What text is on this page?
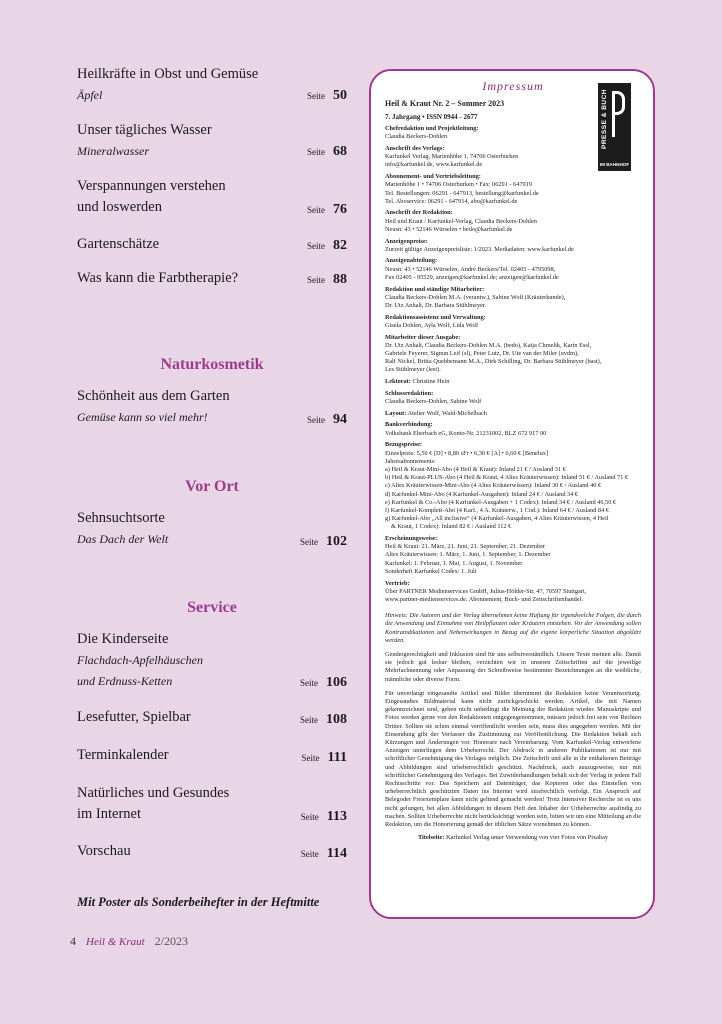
Heilkräfte in Obst und Gemüse
Äpfel	Seite 50
Unser tägliches Wasser
Mineralwasser	Seite 68
Verspannungen verstehen
und loswerden	Seite 76
Gartenschätze	Seite 82
Was kann die Farbtherapie?	Seite 88
Naturkosmetik
Schönheit aus dem Garten
Gemüse kann so viel mehr!	Seite 94
Vor Ort
Sehnsuchtsorte
Das Dach der Welt	Seite 102
Service
Die Kinderseite
Flachdach-Apfelhäuschen
und Erdnuss-Ketten	Seite 106
Lesefutter, Spielbar	Seite 108
Terminkalender	Seite 111
Natürliches und Gesundes
im Internet	Seite 113
Vorschau	Seite 114
Mit Poster als Sonderbeihefter in der Heftmitte
4 Heil & Kraut 2/2023
Impressum
PRESSE & BUCH
IM BAHNHOF
Heil & Kraut Nr. 2 – Sommer 2023
7. Jahrgang • ISSN 0944 - 2677
Chefredaktion und Projektleitung:
Claudia Beckers-Dohlen
Anschrift des Verlags:
Karfunkel Verlag, Marienhöhe 1, 74706 Osterburken
info@karfunkel.de, www.karfunkel.de
Abonnement- und Vertriebsleitung:
Marienhöhe 1 • 74706 Osterburken • Fax: 06291 - 647919
Tel. Bestellungen: 06291 - 647913, bestellung@karfunkel.de
Tel. Aboservice: 06291 - 647914, abo@karfunkel.de
Anschrift der Redaktion:
Heil und Kraut / Karfunkel-Verlag, Claudia Beckers-Dohlen
Neusn: 43 • 52146 Würselen • bedo@karfunkel.de
Anzeigenpreise:
Zurzeit gültige Anzeigenpreisliste: 1/2023. Mediadaten: www.karfunkel.de
Anzeigenabteilung:
Neusn: 43 • 52146 Würselen, André Beckers/Tel. 02405 - 4795098,
Fax 02405 - 95529, anzeigen@karfunkel.de; anzeigen@karfunkel.de
Redaktion und ständige Mitarbeiter:
Claudia Beckers-Dohlen M.A. (verantw.), Sabine Wolf (Kräuterkunde),
Dr. Utz Anhalt, Dr. Barbara Stühlmeyer.
Redaktionsassistenz und Verwaltung:
Gisela Dohlen, Ayla Wolf, Lida Wolf
Mitarbeiter dieser Ausgabe:
Dr. Utz Anhalt, Claudia Beckers-Dohlen M.A. (bedo), Katja Chmelik, Karin Essl,
Gabriele Feyerer, Signun Leif (sl), Peter Lutz, Dr. Ute van der Miler (uvdm),
Ralf Nickel, Britta Quebbemann M.A., Dirk Schilling, Dr. Barbara Stühlmeyer (bast),
Les Stühlmeyer (lest).
Lektorat: Christine Hein
Schlussredaktion:
Claudia Beckers-Dohlen, Sabine Wolf
Layout: Atelier Wolf, Wald-Michelbach
Bankverbindung:
Volksbank Eberbach eG, Konto-Nr. 21231002, BLZ 672 917 00
Bezugspreise:
Einzelpreis: 5,50 € [D] • 8,80 sFr • 6,30 € [A] • 6,60 € [Benelux]
Jahresabonnements:
a) Heil & Kraut-Mini-Abo (4 Heil & Kraut): Inland 21 € / Ausland 31 €
b) Heil & Kraut-PLUS-Abo (4 Heil & Kraut, 4 Altes Kräuterwissen): Inland 51 € / Ausland 71 €
c) Altes Kräuterwissen-Mini-Abo (4 Altes Kräuterwissen): Inland 30 € / Ausland 40 €
d) Karfunkel-Mini-Abo (4 Karfunkel-Ausgaben): Inland 24 € / Ausland 34 €
e) Karfunkel & Co.-Abo (4 Karfunkel-Ausgaben + 1 Codex): Inland 34 € / Ausland 46,50 €
f) Karfunkel-Komplett-Abo (4 Karf., 4 A. Kräuterw., 1 Cod.): Inland 64 € / Ausland 84 €
g) Karfunkel-Abo „All inclusive“ (4 Karfunkel-Ausgaben, 4 Altes Kräuterwissen, 4 Heil
& Kraut, 1 Codex): Inland 82 € / Ausland 112 €
Erscheinungsweise:
Heil & Kraut: 21. März, 21. Juni, 21. September, 21. Dezember
Altes Kräuterwissen: 1. März, 1. Juni, 1. September, 1. Dezember
Karfunkel: 1. Februar, 1. Mai, 1. August, 1. November
Sonderheft Karfunkel Codex: 1. Juli
Vertrieb:
Über PARTNER Medienservices GmbH, Julius-Hölder-Str. 47, 70597 Stuttgart,
www.partner-medienservices.de. Abonnement, Buch- und Zeitschriftenhandel.
Hinweis: Die Autoren und der Verlag übernehmen keine Haftung für irgendwelche Folgen, die durch die Anwendung und Einnahme von Heilpflanzen oder Kräutern entstehen. Vor der Anwendung sollen Kontraindikationen und Nebenwirkungen in Bezug auf die eigene körperliche Situation abgeklärt werden.
Gendergerechtigkeit und Inklusion sind für uns selbstverständlich. Unsere Texte meinen alle. Damit sie jedoch gut lesbar bleiben, verzichten wir in unseren Zeitschriften auf die jeweilige Mehrfachnennung oder Anpassung der Schreibweise bestimmter Bezeichnungen an die weibliche, männliche oder diverse Form.
Für unverlangt eingesandte Artikel und Bilder übernimmt die Redaktion keine Verantwortung. Eingesandtes Bildmaterial kann nicht zurückgeschickt werden. Artikel, die mit Namen gekennzeichnet sind, geben nicht unbedingt die Meinung der Redaktion wieder. Manuskripte und Fotos werden gerne von den Redaktionen entgegengenommen, müssen jedoch frei sein von Rechten Dritter. Sollten sie schon einmal veröffentlicht worden sein, muss dies angegeben werden. Mit der Einsendung gibt der Verfasser die Zustimmung zur Veröffentlichung. Die Redaktion behält sich Kürzungen und Änderungen vor. Honorare nach Vereinbarung. Vom Karfunkel-Verlag entworfene Anzeigen unterliegen dem Urheberrecht. Der Abdruck in anderen Publikationen ist nur mit schriftlicher Genehmigung des Verlages möglich. Die Zeitschrift und alle in ihr enthaltenen Beiträge und Abbildungen sind urheberrechtlich geschützt. Nachdruck, auch auszugsweise, nur mit schriftlicher Genehmigung des Verlages. Bei Zuwiderhandlungen behält sich der Verlag in jedem Fall Rechtsschritte vor. Das Speichern auf Datenträger, das Kopieren oder das Einstellen von urheberrechtlich geschützten Daten ins Internet wird strafrechtlich verfolgt. Ein Anspruch auf Belegoder Freiexemplare kann nicht geltend gemacht werden! Trotz intensiver Recherche ist es uns nicht gelungen, bei allen Abbildungen in diesem Heft den Inhaber der Urheberrechte ausfindig zu machen. Sollten Urheberrechte nicht berücksichtigt worden sein, bitten wir um eine Mitteilung an die Redaktion, um die Honorierung gemäß der üblichen Sätze vornehmen zu können.
Titelseite: Karfunkel Verlag unter Verwendung von vier Fotos von Pixabay
